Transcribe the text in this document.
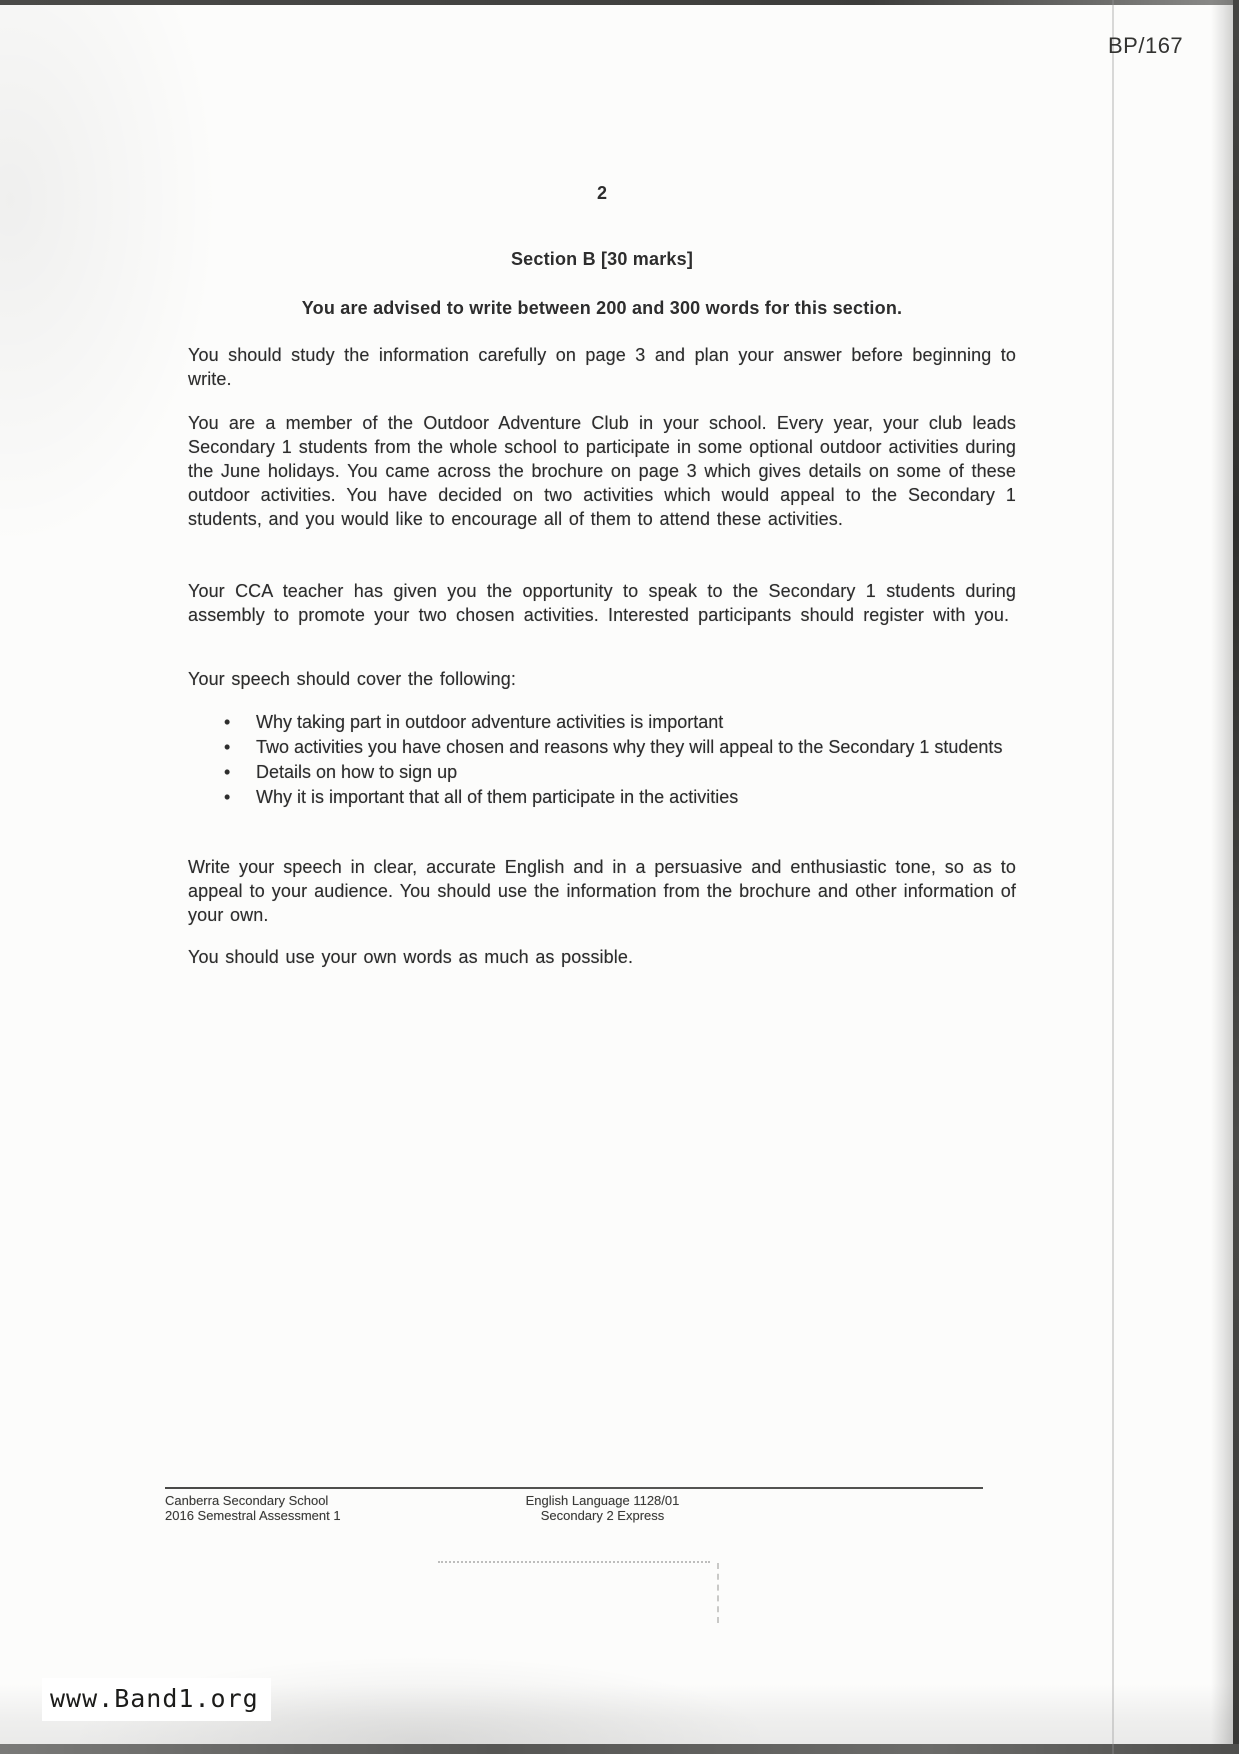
BP/167
2
Section B [30 marks]
You are advised to write between 200 and 300 words for this section.
You should study the information carefully on page 3 and plan your answer before beginning to write.
You are a member of the Outdoor Adventure Club in your school. Every year, your club leads Secondary 1 students from the whole school to participate in some optional outdoor activities during the June holidays. You came across the brochure on page 3 which gives details on some of these outdoor activities. You have decided on two activities which would appeal to the Secondary 1 students, and you would like to encourage all of them to attend these activities.
Your CCA teacher has given you the opportunity to speak to the Secondary 1 students during assembly to promote your two chosen activities. Interested participants should register with you.
Your speech should cover the following:
• Why taking part in outdoor adventure activities is important
• Two activities you have chosen and reasons why they will appeal to the Secondary 1 students
• Details on how to sign up
• Why it is important that all of them participate in the activities
Write your speech in clear, accurate English and in a persuasive and enthusiastic tone, so as to appeal to your audience. You should use the information from the brochure and other information of your own.
You should use your own words as much as possible.
Canberra Secondary School
2016 Semestral Assessment 1
English Language 1128/01
Secondary 2 Express
www.Band1.org
